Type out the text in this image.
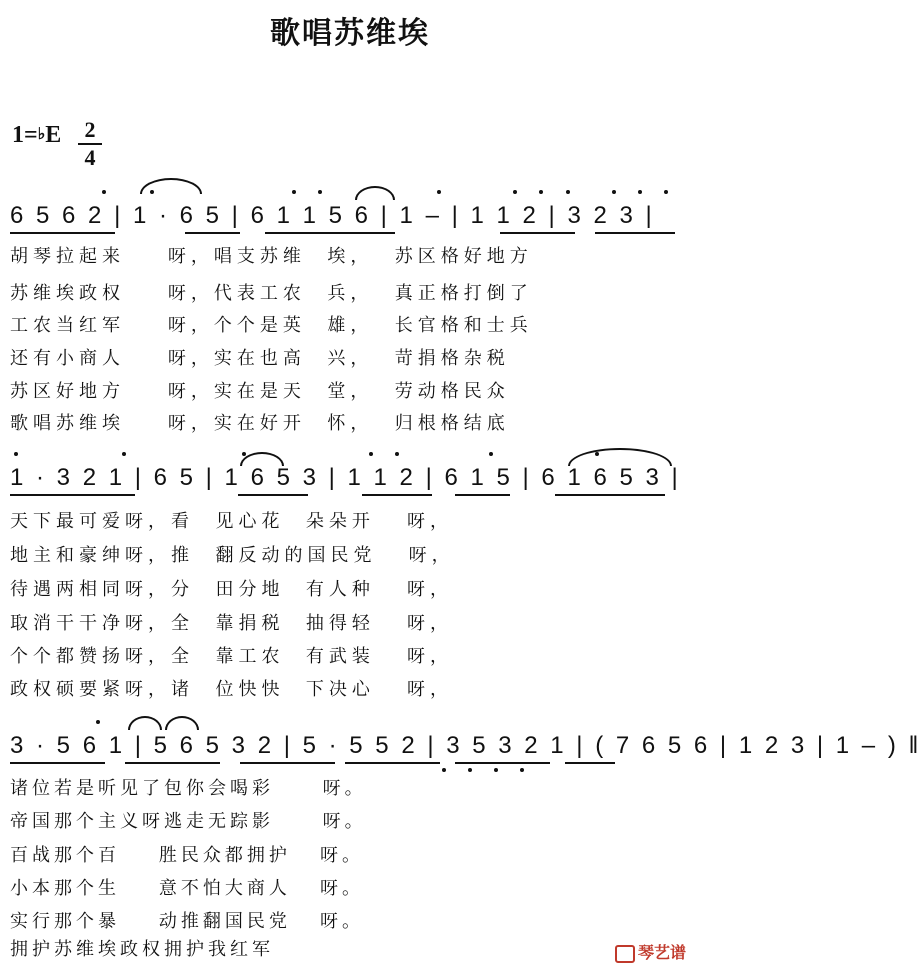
歌唱苏维埃
1=♭E 2
4
6 5 6 2 | 1 · 6 5 | 6 1 1 5 6 | 1 – | 1 1 2 | 3 2 3 |
胡琴拉起来    呀，唱支苏维  埃，  苏区格好地方
苏维埃政权    呀，代表工农  兵，  真正格打倒了
工农当红军    呀，个个是英  雄，  长官格和士兵
还有小商人    呀，实在也高  兴，  苛捐格杂税
苏区好地方    呀，实在是天  堂，  劳动格民众
歌唱苏维埃    呀，实在好开  怀，  归根格结底
1 · 3 2 1 | 6 5 | 1 6 5 3 | 1 1 2 | 6 1 5 | 6 1 6 5 3 |
天下最可爱呀，看  见心花  朵朵开   呀，
地主和豪绅呀，推  翻反动的国民党   呀，
待遇两相同呀，分  田分地  有人种   呀，
取消干干净呀，全  靠捐税  抽得轻   呀，
个个都赞扬呀，全  靠工农  有武装   呀，
政权硕要紧呀，诸  位快快  下决心   呀，
3 · 5 6 1 | 5 6 5 3 2 | 5 · 5 5 2 | 3 5 3 2 1 | ( 7 6 5 6 | 1 2 3 | 1 – ) ‖
诸位若是听见了包你会喝彩     呀。
帝国那个主义呀逃走无踪影     呀。
百战那个百    胜民众都拥护   呀。
小本那个生    意不怕大商人   呀。
实行那个暴    动推翻国民党   呀。
拥护苏维埃政权拥护我红军	琴艺谱
